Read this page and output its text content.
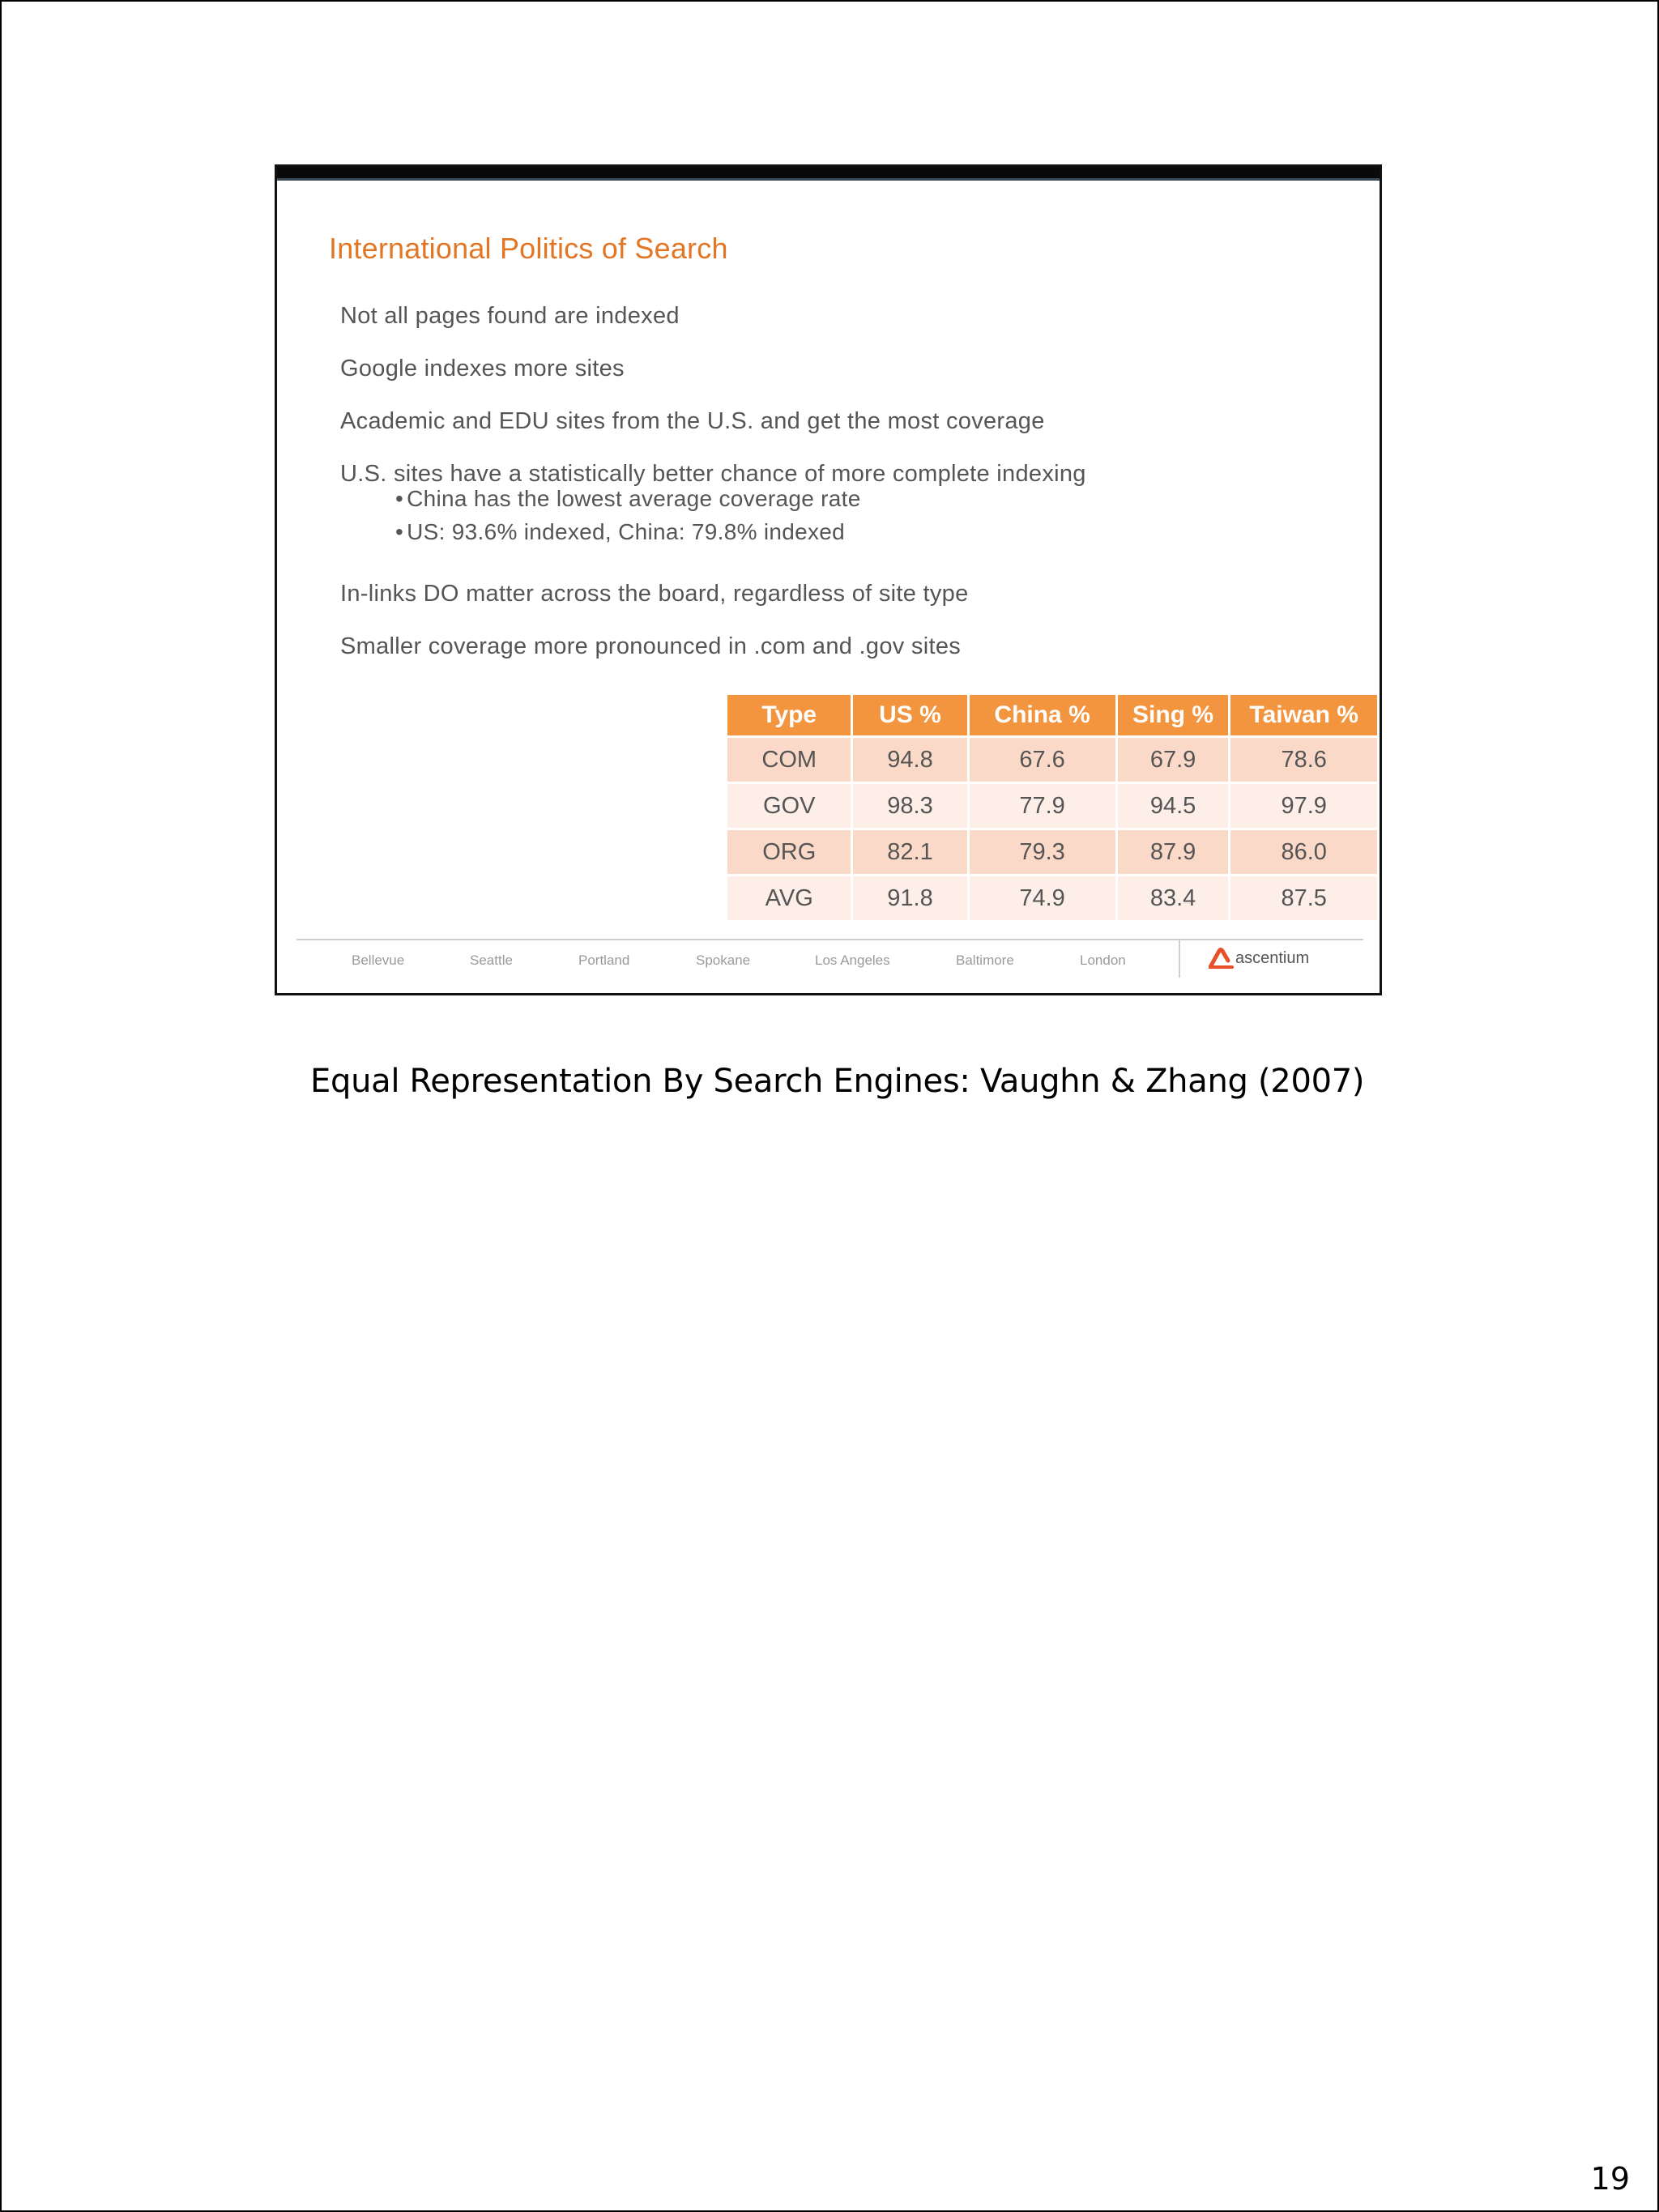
International Politics of Search
Not all pages found are indexed
Google indexes more sites
Academic and EDU sites from the U.S. and get the most coverage
U.S. sites have a statistically better chance of more complete indexing
• China has the lowest average coverage rate
• US: 93.6% indexed, China: 79.8% indexed
In-links DO matter across the board, regardless of site type
Smaller coverage more pronounced in .com and .gov sites
Type	US %	China %	Sing %	Taiwan %
COM	94.8	67.6	67.9	78.6
GOV	98.3	77.9	94.5	97.9
ORG	82.1	79.3	87.9	86.0
AVG	91.8	74.9	83.4	87.5
Bellevue	Seattle	Portland	Spokane	Los Angeles	Baltimore	London	ascentium
Equal Representation By Search Engines: Vaughn & Zhang (2007)
19
